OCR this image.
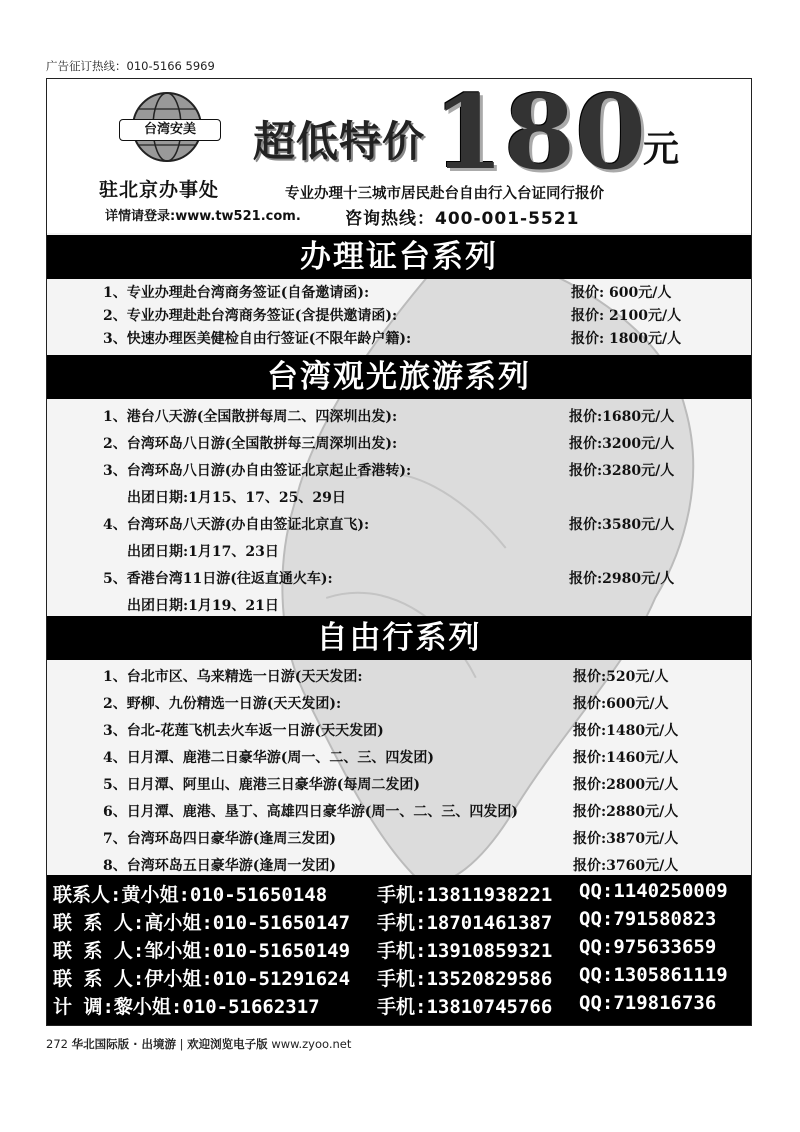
广告征订热线：010-5166 5969
台湾安美
驻北京办事处
详情请登录:www.tw521.com.
超低特价 180
元
专业办理十三城市居民赴台自由行入台证同行报价
咨询热线：400-001-5521
办理证台系列
1、专业办理赴台湾商务签证(自备邀请函):	报价: 600元/人
2、专业办理赴赴台湾商务签证(含提供邀请函):	报价: 2100元/人
3、快速办理医美健检自由行签证(不限年龄户籍):	报价: 1800元/人
台湾观光旅游系列
1、港台八天游(全国散拼每周二、四深圳出发):	报价:1680元/人
2、台湾环岛八日游(全国散拼每三周深圳出发):	报价:3200元/人
3、台湾环岛八日游(办自由签证北京起止香港转):	报价:3280元/人
出团日期:1月15、17、25、29日
4、台湾环岛八天游(办自由签证北京直飞):	报价:3580元/人
出团日期:1月17、23日
5、香港台湾11日游(往返直通火车):	报价:2980元/人
出团日期:1月19、21日
自由行系列
1、台北市区、乌来精选一日游(天天发团:	报价:520元/人
2、野柳、九份精选一日游(天天发团):	报价:600元/人
3、台北-花莲飞机去火车返一日游(天天发团)	报价:1480元/人
4、日月潭、鹿港二日豪华游(周一、二、三、四发团)	报价:1460元/人
5、日月潭、阿里山、鹿港三日豪华游(每周二发团)	报价:2800元/人
6、日月潭、鹿港、垦丁、高雄四日豪华游(周一、二、三、四发团)	报价:2880元/人
7、台湾环岛四日豪华游(逢周三发团)	报价:3870元/人
8、台湾环岛五日豪华游(逢周一发团)	报价:3760元/人
联系人:黄小姐:010-51650148	手机:13811938221 QQ:1140250009
联 系 人:高小姐:010-51650147 手机:18701461387 QQ:791580823
联 系 人:邹小姐:010-51650149 手机:13910859321 QQ:975633659
联 系 人:伊小姐:010-51291624 手机:13520829586 QQ:1305861119
计 调:黎小姐:010-51662317	手机:13810745766 QQ:719816736
272 华北国际版 · 出境游 | 欢迎浏览电子版 www.zyoo.net
